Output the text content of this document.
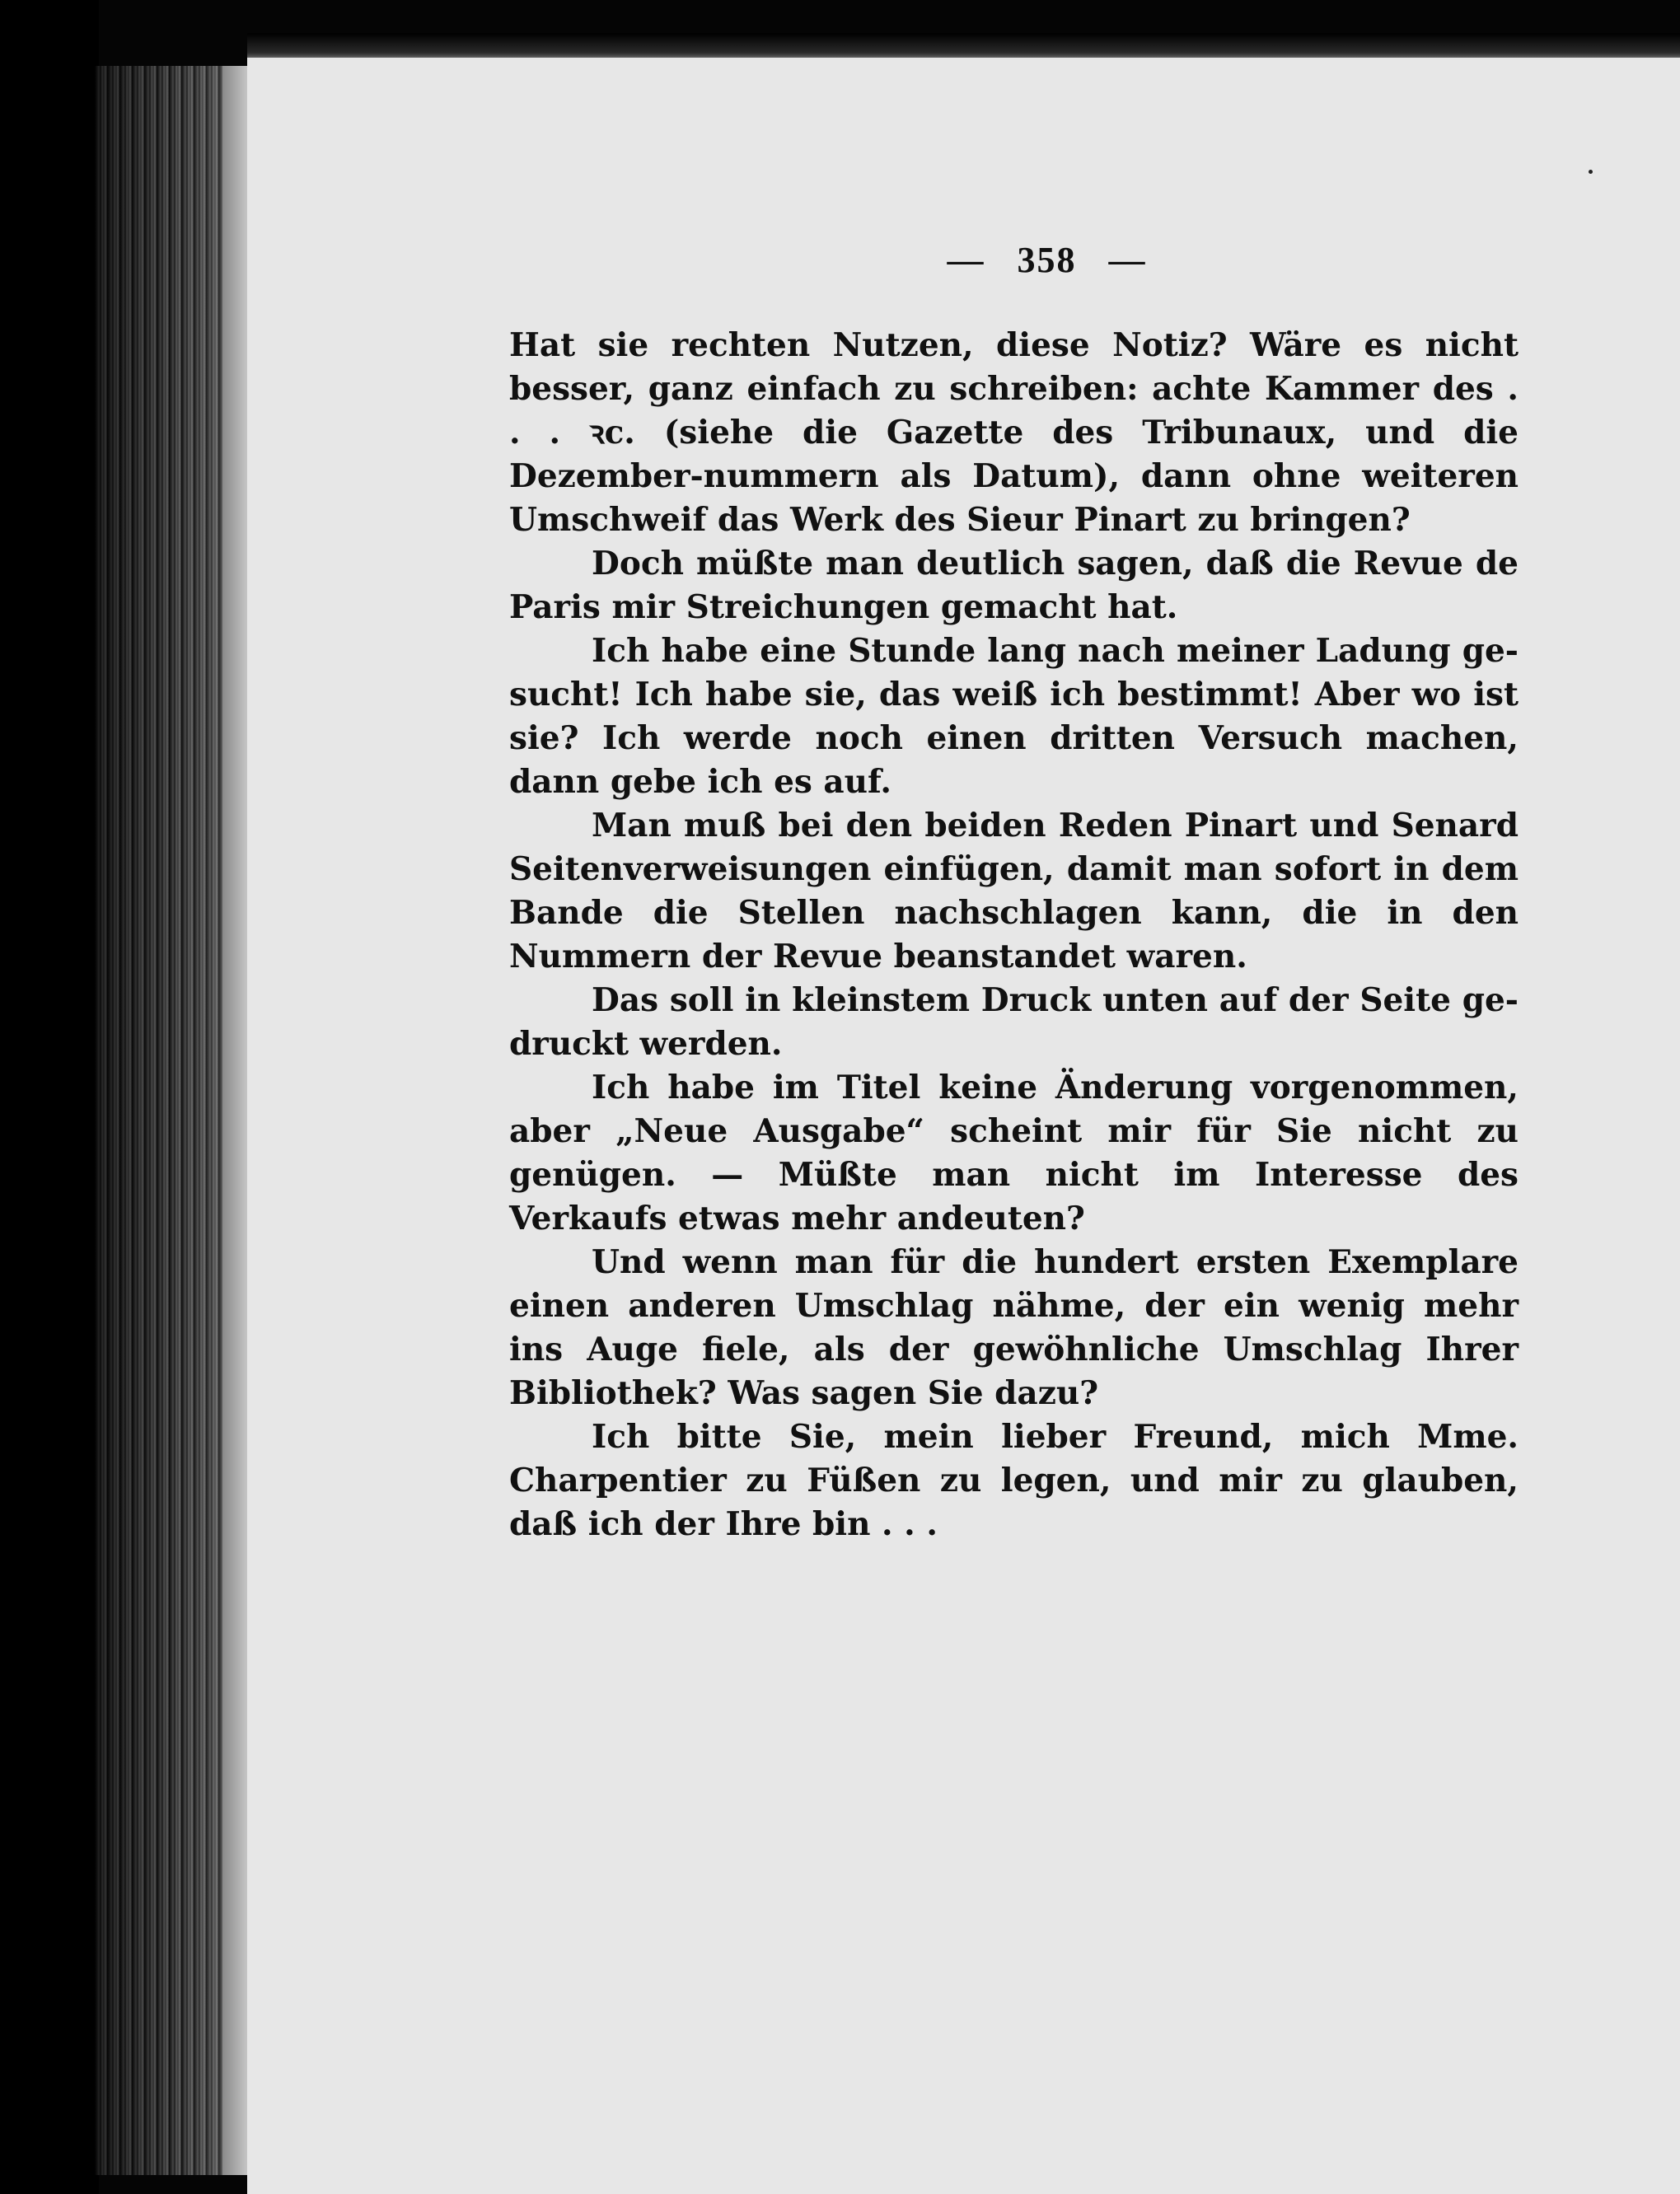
— 358 —

Hat sie rechten Nutzen, diese Notiz? Wäre es nicht besser, ganz einfach zu schreiben: achte Kammer des . . . ꝛc. (siehe die Gazette des Tribunaux, und die Dezember-nummern als Datum), dann ohne weiteren Umschweif das Werk des Sieur Pinart zu bringen?

Doch müßte man deutlich sagen, daß die Revue de Paris mir Streichungen gemacht hat.

Ich habe eine Stunde lang nach meiner Ladung ge-sucht! Ich habe sie, das weiß ich bestimmt! Aber wo ist sie? Ich werde noch einen dritten Versuch machen, dann gebe ich es auf.

Man muß bei den beiden Reden Pinart und Senard Seitenverweisungen einfügen, damit man sofort in dem Bande die Stellen nachschlagen kann, die in den Nummern der Revue beanstandet waren.

Das soll in kleinstem Druck unten auf der Seite ge-druckt werden.

Ich habe im Titel keine Änderung vorgenommen, aber „Neue Ausgabe“ scheint mir für Sie nicht zu genügen. — Müßte man nicht im Interesse des Verkaufs etwas mehr andeuten?

Und wenn man für die hundert ersten Exemplare einen anderen Umschlag nähme, der ein wenig mehr ins Auge fiele, als der gewöhnliche Umschlag Ihrer Bibliothek? Was sagen Sie dazu?

Ich bitte Sie, mein lieber Freund, mich Mme. Charpentier zu Füßen zu legen, und mir zu glauben, daß ich der Ihre bin . . .
